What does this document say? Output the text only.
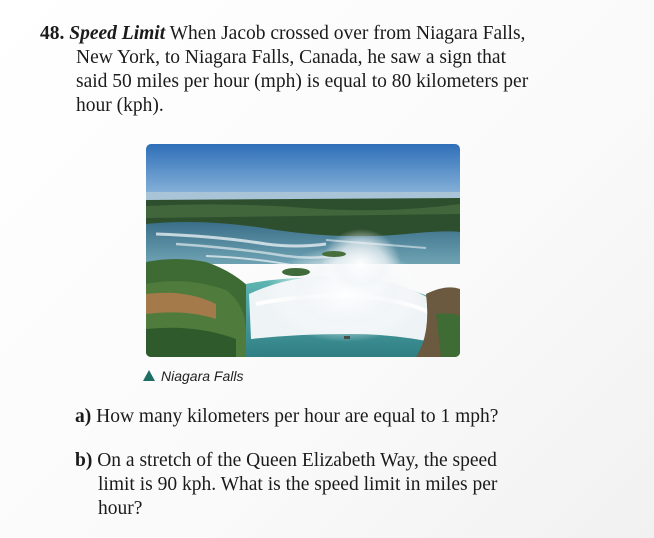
48. Speed Limit When Jacob crossed over from Niagara Falls,
New York, to Niagara Falls, Canada, he saw a sign that
said 50 miles per hour (mph) is equal to 80 kilometers per
hour (kph).
Niagara Falls
a) How many kilometers per hour are equal to 1 mph?
b) On a stretch of the Queen Elizabeth Way, the speed
limit is 90 kph. What is the speed limit in miles per
hour?
